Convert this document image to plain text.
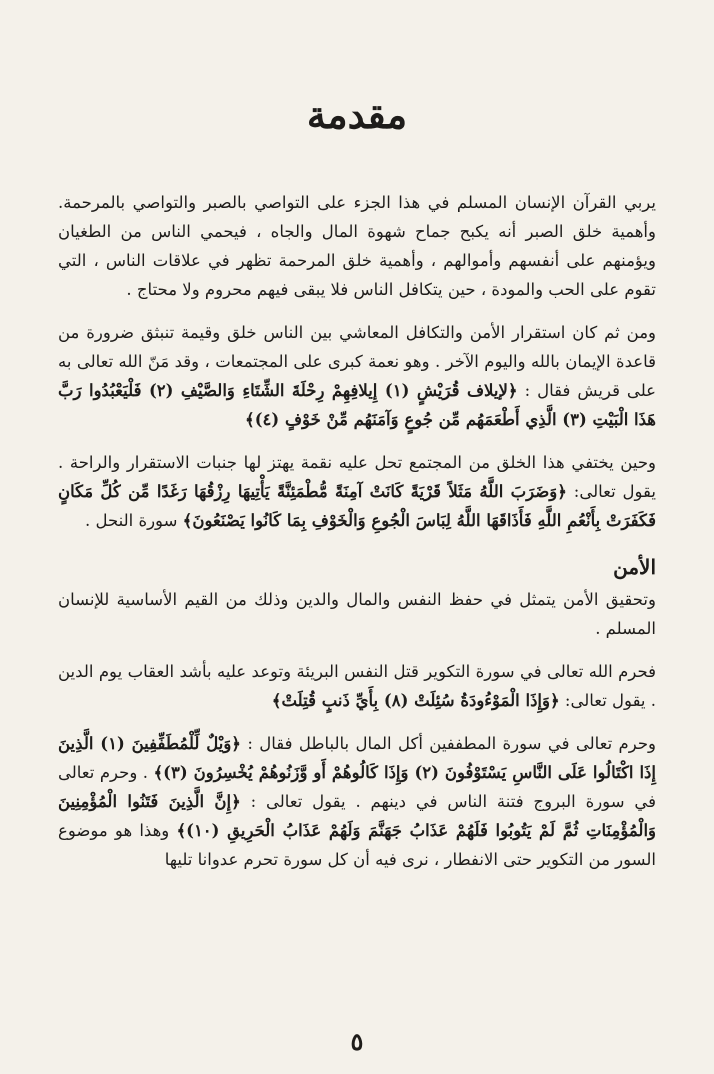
مقدمة

يربي القرآن الإنسان المسلم في هذا الجزء على التواصي بالصبر والتواصي بالمرحمة. وأهمية خلق الصبر أنه يكبح جماح شهوة المال والجاه ، فيحمي الناس من الطغيان ويؤمنهم على أنفسهم وأموالهم ، وأهمية خلق المرحمة تظهر في علاقات الناس ، التي تقوم على الحب والمودة ، حين يتكافل الناس فلا يبقى فيهم محروم ولا محتاج .

ومن ثم كان استقرار الأمن والتكافل المعاشي بين الناس خلق وقيمة تنبثق ضرورة من قاعدة الإيمان بالله واليوم الآخر . وهو نعمة كبرى على المجتمعات ، وقد مَنّ الله تعالى به على قريش فقال : ﴿لإيلاف قُرَيْشٍ (١) إِيلافِهِمْ رِحْلَةَ الشِّتَاءِ وَالصَّيْفِ (٢) فَلْيَعْبُدُوا رَبَّ هَذَا الْبَيْتِ (٣) الَّذِي أَطْعَمَهُم مِّن جُوعٍ وَآمَنَهُم مِّنْ خَوْفٍ (٤)﴾

وحين يختفي هذا الخلق من المجتمع تحل عليه نقمة يهتز لها جنبات الاستقرار والراحة . يقول تعالى: ﴿وَضَرَبَ اللَّهُ مَثَلاً قَرْيَةً كَانَتْ آمِنَةً مُّطْمَئِنَّةً يَأْتِيهَا رِزْقُهَا رَغَدًا مِّن كُلِّ مَكَانٍ فَكَفَرَتْ بِأَنْعُمِ اللَّهِ فَأَذَاقَهَا اللَّهُ لِبَاسَ الْجُوعِ وَالْخَوْفِ بِمَا كَانُوا يَصْنَعُونَ﴾ سورة النحل .

الأمن

وتحقيق الأمن يتمثل في حفظ النفس والمال والدين وذلك من القيم الأساسية للإنسان المسلم .

فحرم الله تعالى في سورة التكوير قتل النفس البريئة وتوعد عليه بأشد العقاب يوم الدين . يقول تعالى: ﴿وَإِذَا الْمَوْءُودَةُ سُئِلَتْ (٨) بِأَيِّ ذَنبٍ قُتِلَتْ﴾

وحرم تعالى في سورة المطففين أكل المال بالباطل فقال : ﴿وَيْلٌ لِّلْمُطَفِّفِينَ (١) الَّذِينَ إِذَا اكْتَالُوا عَلَى النَّاسِ يَسْتَوْفُونَ (٢) وَإِذَا كَالُوهُمْ أَو وَّزَنُوهُمْ يُخْسِرُونَ (٣)﴾ . وحرم تعالى في سورة البروج فتنة الناس في دينهم . يقول تعالى : ﴿إِنَّ الَّذِينَ فَتَنُوا الْمُؤْمِنِينَ وَالْمُؤْمِنَاتِ ثُمَّ لَمْ يَتُوبُوا فَلَهُمْ عَذَابُ جَهَنَّمَ وَلَهُمْ عَذَابُ الْحَرِيقِ (١٠)﴾ وهذا هو موضوع السور من التكوير حتى الانفطار ، نرى فيه أن كل سورة تحرم عدوانا تليها

٥
